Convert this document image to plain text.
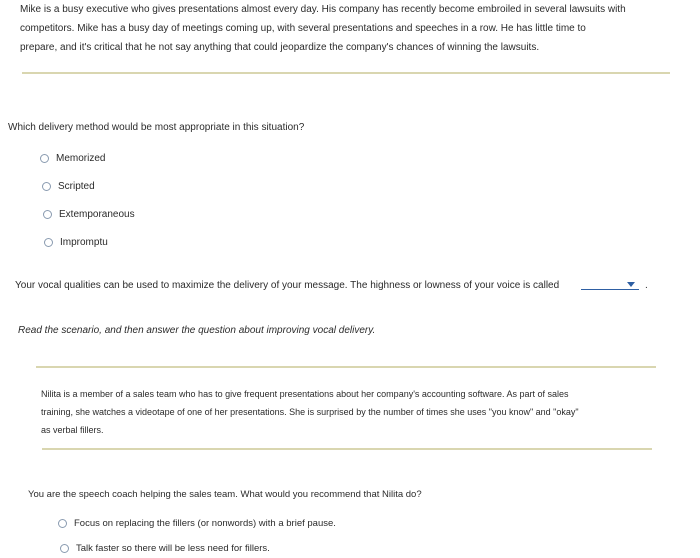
Mike is a busy executive who gives presentations almost every day. His company has recently become embroiled in several lawsuits with
competitors. Mike has a busy day of meetings coming up, with several presentations and speeches in a row. He has little time to
prepare, and it's critical that he not say anything that could jeopardize the company's chances of winning the lawsuits.
Which delivery method would be most appropriate in this situation?
Memorized
Scripted
Extemporaneous
Impromptu
Your vocal qualities can be used to maximize the delivery of your message. The highness or lowness of your voice is called	.
Read the scenario, and then answer the question about improving vocal delivery.
Nilita is a member of a sales team who has to give frequent presentations about her company's accounting software. As part of sales
training, she watches a videotape of one of her presentations. She is surprised by the number of times she uses "you know" and "okay"
as verbal fillers.
You are the speech coach helping the sales team. What would you recommend that Nilita do?
Focus on replacing the fillers (or nonwords) with a brief pause.
Talk faster so there will be less need for fillers.
